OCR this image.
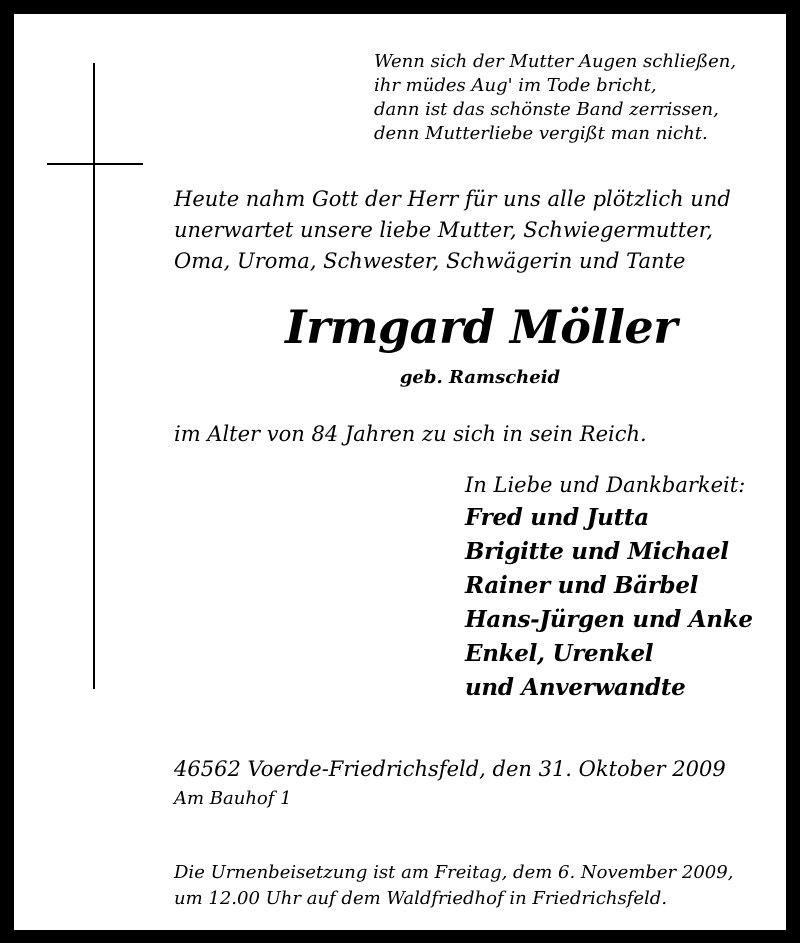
Wenn sich der Mutter Augen schließen,
ihr müdes Aug' im Tode bricht,
dann ist das schönste Band zerrissen,
denn Mutterliebe vergißt man nicht.
Heute nahm Gott der Herr für uns alle plötzlich und
unerwartet unsere liebe Mutter, Schwiegermutter,
Oma, Uroma, Schwester, Schwägerin und Tante
Irmgard Möller
geb. Ramscheid
im Alter von 84 Jahren zu sich in sein Reich.
In Liebe und Dankbarkeit:
Fred und Jutta
Brigitte und Michael
Rainer und Bärbel
Hans-Jürgen und Anke
Enkel, Urenkel
und Anverwandte
46562 Voerde-Friedrichsfeld, den 31. Oktober 2009
Am Bauhof 1
Die Urnenbeisetzung ist am Freitag, dem 6. November 2009,
um 12.00 Uhr auf dem Waldfriedhof in Friedrichsfeld.
